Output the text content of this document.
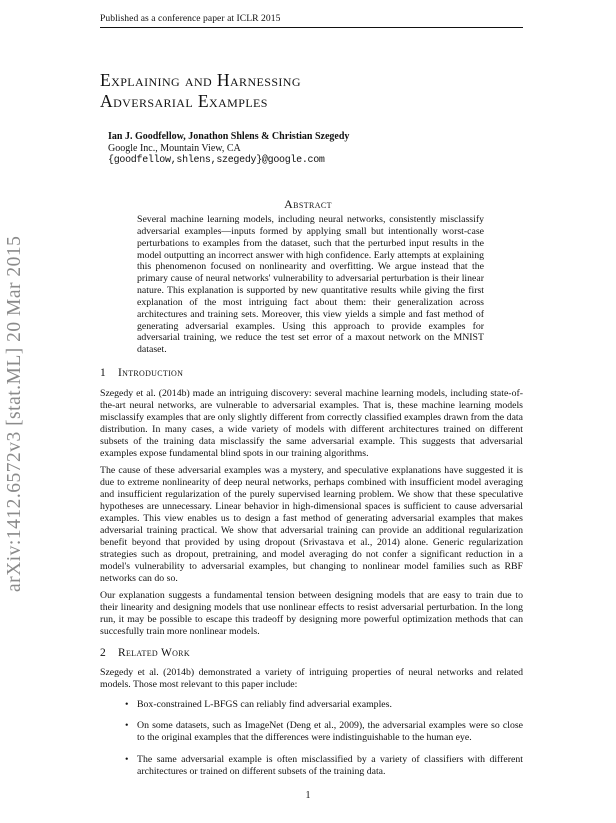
Published as a conference paper at ICLR 2015
arXiv:1412.6572v3 [stat.ML] 20 Mar 2015
Explaining and Harnessing
Adversarial Examples
Ian J. Goodfellow, Jonathon Shlens & Christian Szegedy
Google Inc., Mountain View, CA
{goodfellow,shlens,szegedy}@google.com
Abstract
Several machine learning models, including neural networks, consistently misclassify adversarial examples—inputs formed by applying small but intentionally worst-case perturbations to examples from the dataset, such that the perturbed input results in the model outputting an incorrect answer with high confidence. Early attempts at explaining this phenomenon focused on nonlinearity and overfitting. We argue instead that the primary cause of neural networks' vulnerability to adversarial perturbation is their linear nature. This explanation is supported by new quantitative results while giving the first explanation of the most intriguing fact about them: their generalization across architectures and training sets. Moreover, this view yields a simple and fast method of generating adversarial examples. Using this approach to provide examples for adversarial training, we reduce the test set error of a maxout network on the MNIST dataset.
1 Introduction
Szegedy et al. (2014b) made an intriguing discovery: several machine learning models, including state-of-the-art neural networks, are vulnerable to adversarial examples. That is, these machine learning models misclassify examples that are only slightly different from correctly classified examples drawn from the data distribution. In many cases, a wide variety of models with different architectures trained on different subsets of the training data misclassify the same adversarial example. This suggests that adversarial examples expose fundamental blind spots in our training algorithms.
The cause of these adversarial examples was a mystery, and speculative explanations have suggested it is due to extreme nonlinearity of deep neural networks, perhaps combined with insufficient model averaging and insufficient regularization of the purely supervised learning problem. We show that these speculative hypotheses are unnecessary. Linear behavior in high-dimensional spaces is sufficient to cause adversarial examples. This view enables us to design a fast method of generating adversarial examples that makes adversarial training practical. We show that adversarial training can provide an additional regularization benefit beyond that provided by using dropout (Srivastava et al., 2014) alone. Generic regularization strategies such as dropout, pretraining, and model averaging do not confer a significant reduction in a model's vulnerability to adversarial examples, but changing to nonlinear model families such as RBF networks can do so.
Our explanation suggests a fundamental tension between designing models that are easy to train due to their linearity and designing models that use nonlinear effects to resist adversarial perturbation. In the long run, it may be possible to escape this tradeoff by designing more powerful optimization methods that can succesfully train more nonlinear models.
2 Related Work
Szegedy et al. (2014b) demonstrated a variety of intriguing properties of neural networks and related models. Those most relevant to this paper include:
• Box-constrained L-BFGS can reliably find adversarial examples.
• On some datasets, such as ImageNet (Deng et al., 2009), the adversarial examples were so close to the original examples that the differences were indistinguishable to the human eye.
• The same adversarial example is often misclassified by a variety of classifiers with different architectures or trained on different subsets of the training data.
1
